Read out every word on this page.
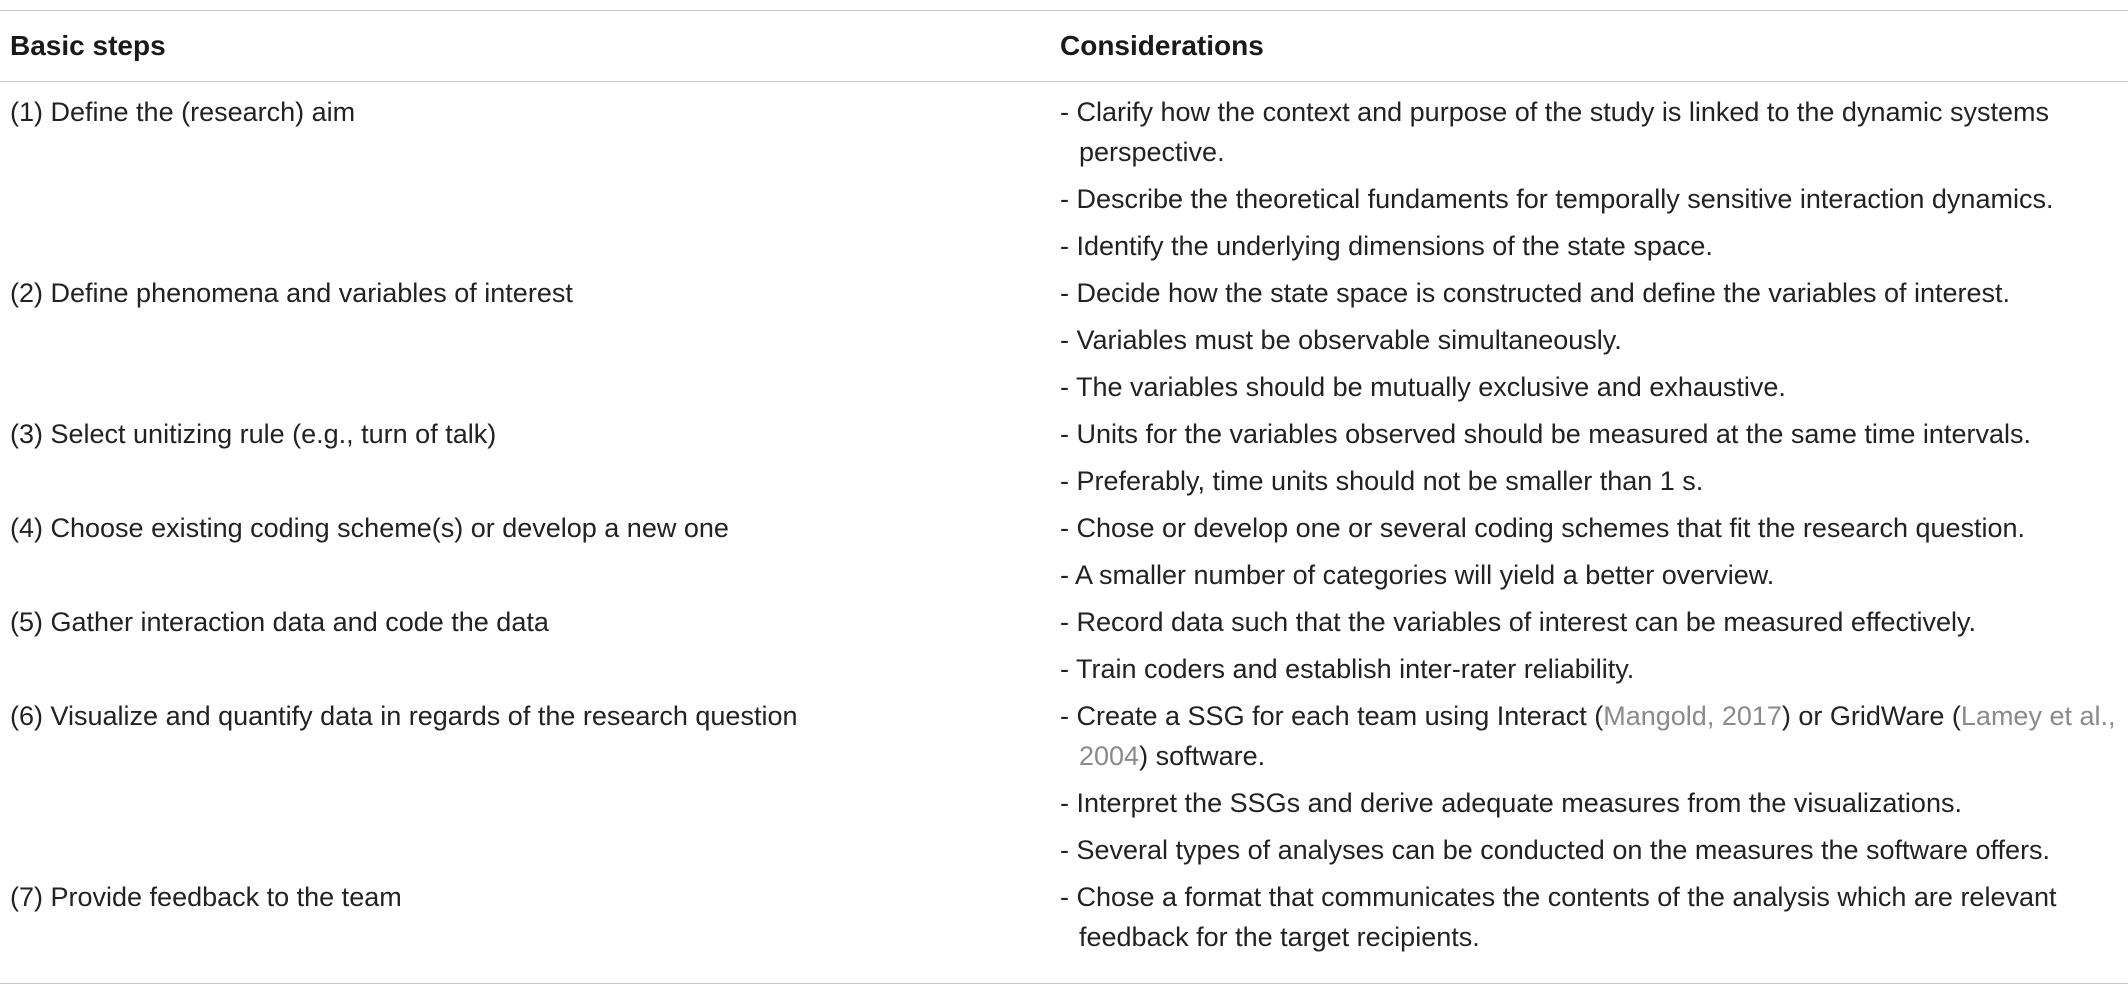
Basic steps	Considerations
(1) Define the (research) aim	- Clarify how the context and purpose of the study is linked to the dynamic systems perspective.
- Describe the theoretical fundaments for temporally sensitive interaction dynamics.
- Identify the underlying dimensions of the state space.
(2) Define phenomena and variables of interest	- Decide how the state space is constructed and define the variables of interest.
- Variables must be observable simultaneously.
- The variables should be mutually exclusive and exhaustive.
(3) Select unitizing rule (e.g., turn of talk)	- Units for the variables observed should be measured at the same time intervals.
- Preferably, time units should not be smaller than 1 s.
(4) Choose existing coding scheme(s) or develop a new one	- Chose or develop one or several coding schemes that fit the research question.
- A smaller number of categories will yield a better overview.
(5) Gather interaction data and code the data	- Record data such that the variables of interest can be measured effectively.
- Train coders and establish inter-rater reliability.
(6) Visualize and quantify data in regards of the research question	- Create a SSG for each team using Interact (Mangold, 2017) or GridWare (Lamey et al., 2004) software.
- Interpret the SSGs and derive adequate measures from the visualizations.
- Several types of analyses can be conducted on the measures the software offers.
(7) Provide feedback to the team	- Chose a format that communicates the contents of the analysis which are relevant feedback for the target recipients.
